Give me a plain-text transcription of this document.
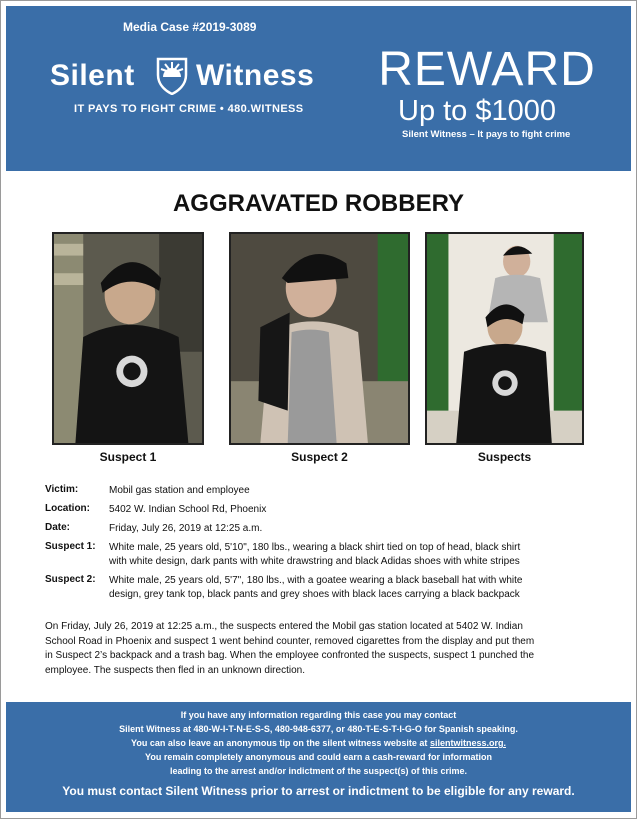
Media Case #2019-3089
Silent Witness
IT PAYS TO FIGHT CRIME • 480.WITNESS
REWARD
Up to $1000
Silent Witness – It pays to fight crime
AGGRAVATED ROBBERY
Suspect 1	Suspect 2	Suspects
Victim:	Mobil gas station and employee
Location:	5402 W. Indian School Rd, Phoenix
Date:	Friday, July 26, 2019 at 12:25 a.m.
Suspect 1:	White male, 25 years old, 5'10", 180 lbs., wearing a black shirt tied on top of head, black shirt
with white design, dark pants with white drawstring and black Adidas shoes with white stripes
Suspect 2:	White male, 25 years old, 5'7", 180 lbs., with a goatee wearing a black baseball hat with white
design, grey tank top, black pants and grey shoes with black laces carrying a black backpack
On Friday, July 26, 2019 at 12:25 a.m., the suspects entered the Mobil gas station located at 5402 W. Indian
School Road in Phoenix and suspect 1 went behind counter, removed cigarettes from the display and put them
in Suspect 2’s backpack and a trash bag. When the employee confronted the suspects, suspect 1 punched the
employee. The suspects then fled in an unknown direction.
If you have any information regarding this case you may contact
Silent Witness at 480-W-I-T-N-E-S-S, 480-948-6377, or 480-T-E-S-T-I-G-O for Spanish speaking.
You can also leave an anonymous tip on the silent witness website at silentwitness.org.
You remain completely anonymous and could earn a cash-reward for information
leading to the arrest and/or indictment of the suspect(s) of this crime.
You must contact Silent Witness prior to arrest or indictment to be eligible for any reward.
